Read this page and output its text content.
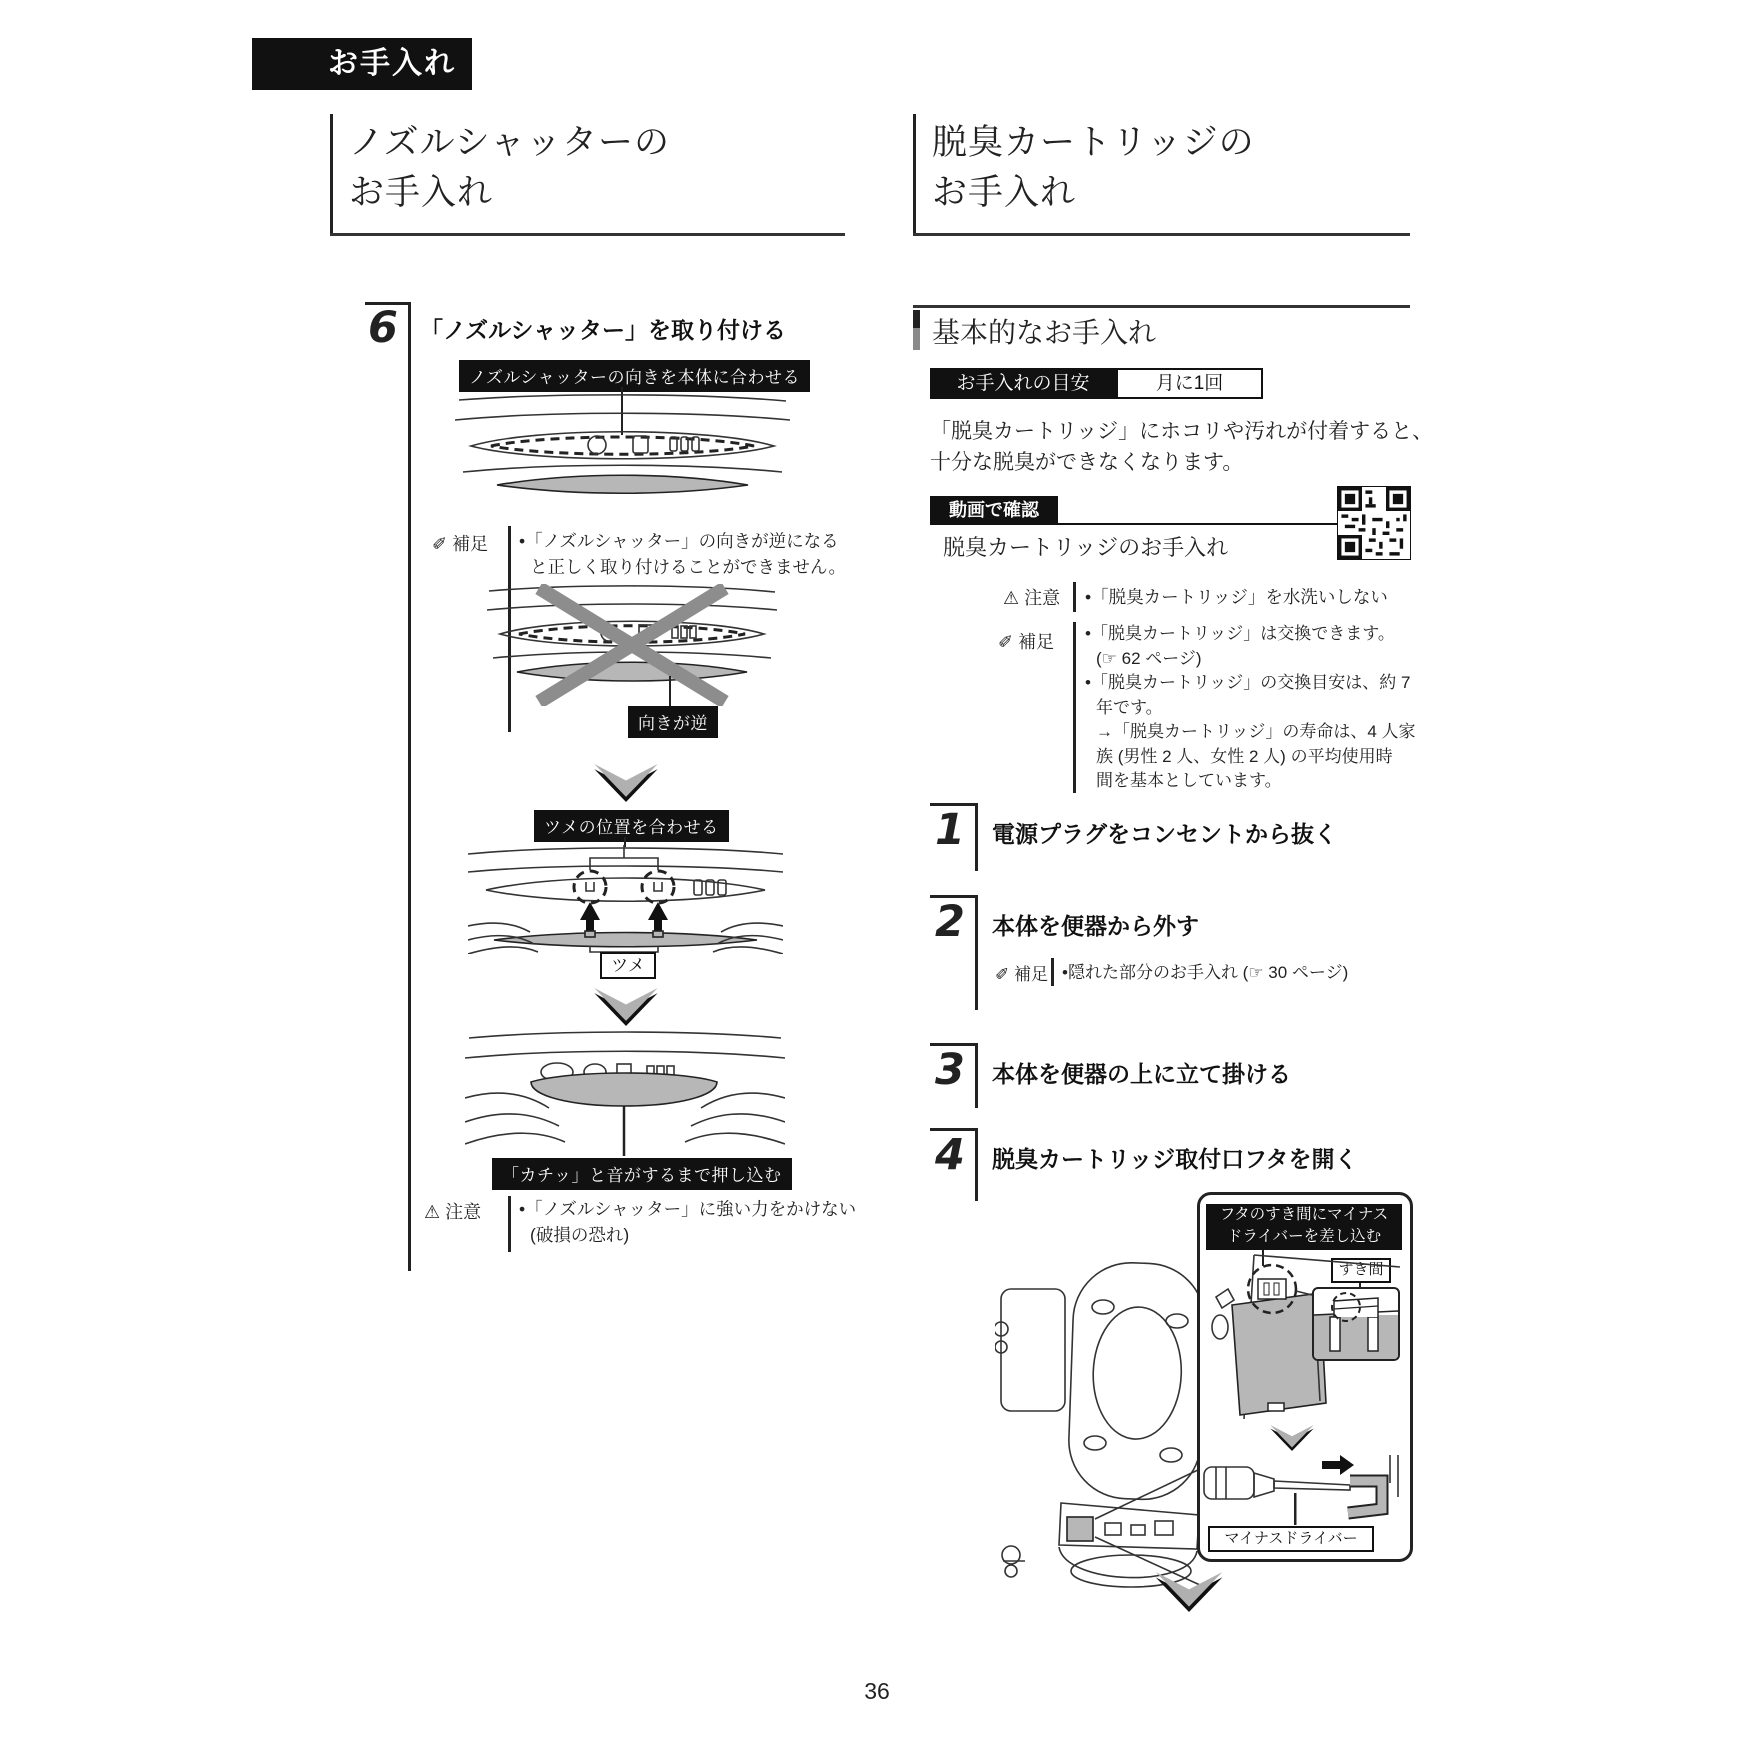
お手入れ
ノズルシャッターの
お手入れ
脱臭カートリッジの
お手入れ
6 「ノズルシャッター」を取り付ける
ノズルシャッターの向きを本体に合わせる
✐ 補足 •「ノズルシャッター」の向きが逆になる
と正しく取り付けることができません。
向きが逆
ツメの位置を合わせる
ツメ
「カチッ」と音がするまで押し込む
⚠ 注意 •「ノズルシャッター」に強い力をかけない
(破損の恐れ)
基本的なお手入れ
お手入れの目安	月に1回
「脱臭カートリッジ」にホコリや汚れが付着すると、
十分な脱臭ができなくなります。
動画で確認
脱臭カートリッジのお手入れ
⚠ 注意 •「脱臭カートリッジ」を水洗いしない
✐ 補足 •「脱臭カートリッジ」は交換できます。
(☞ 62 ページ)
•「脱臭カートリッジ」の交換目安は、約 7
年です。
→「脱臭カートリッジ」の寿命は、4 人家
族 (男性 2 人、女性 2 人) の平均使用時
間を基本としています。
1 電源プラグをコンセントから抜く
2 本体を便器から外す
✐ 補足 •隠れた部分のお手入れ (☞ 30 ページ)
3 本体を便器の上に立て掛ける
4 脱臭カートリッジ取付口フタを開く
フタのすき間にマイナス
ドライバーを差し込む
すき間
マイナスドライバー
36
